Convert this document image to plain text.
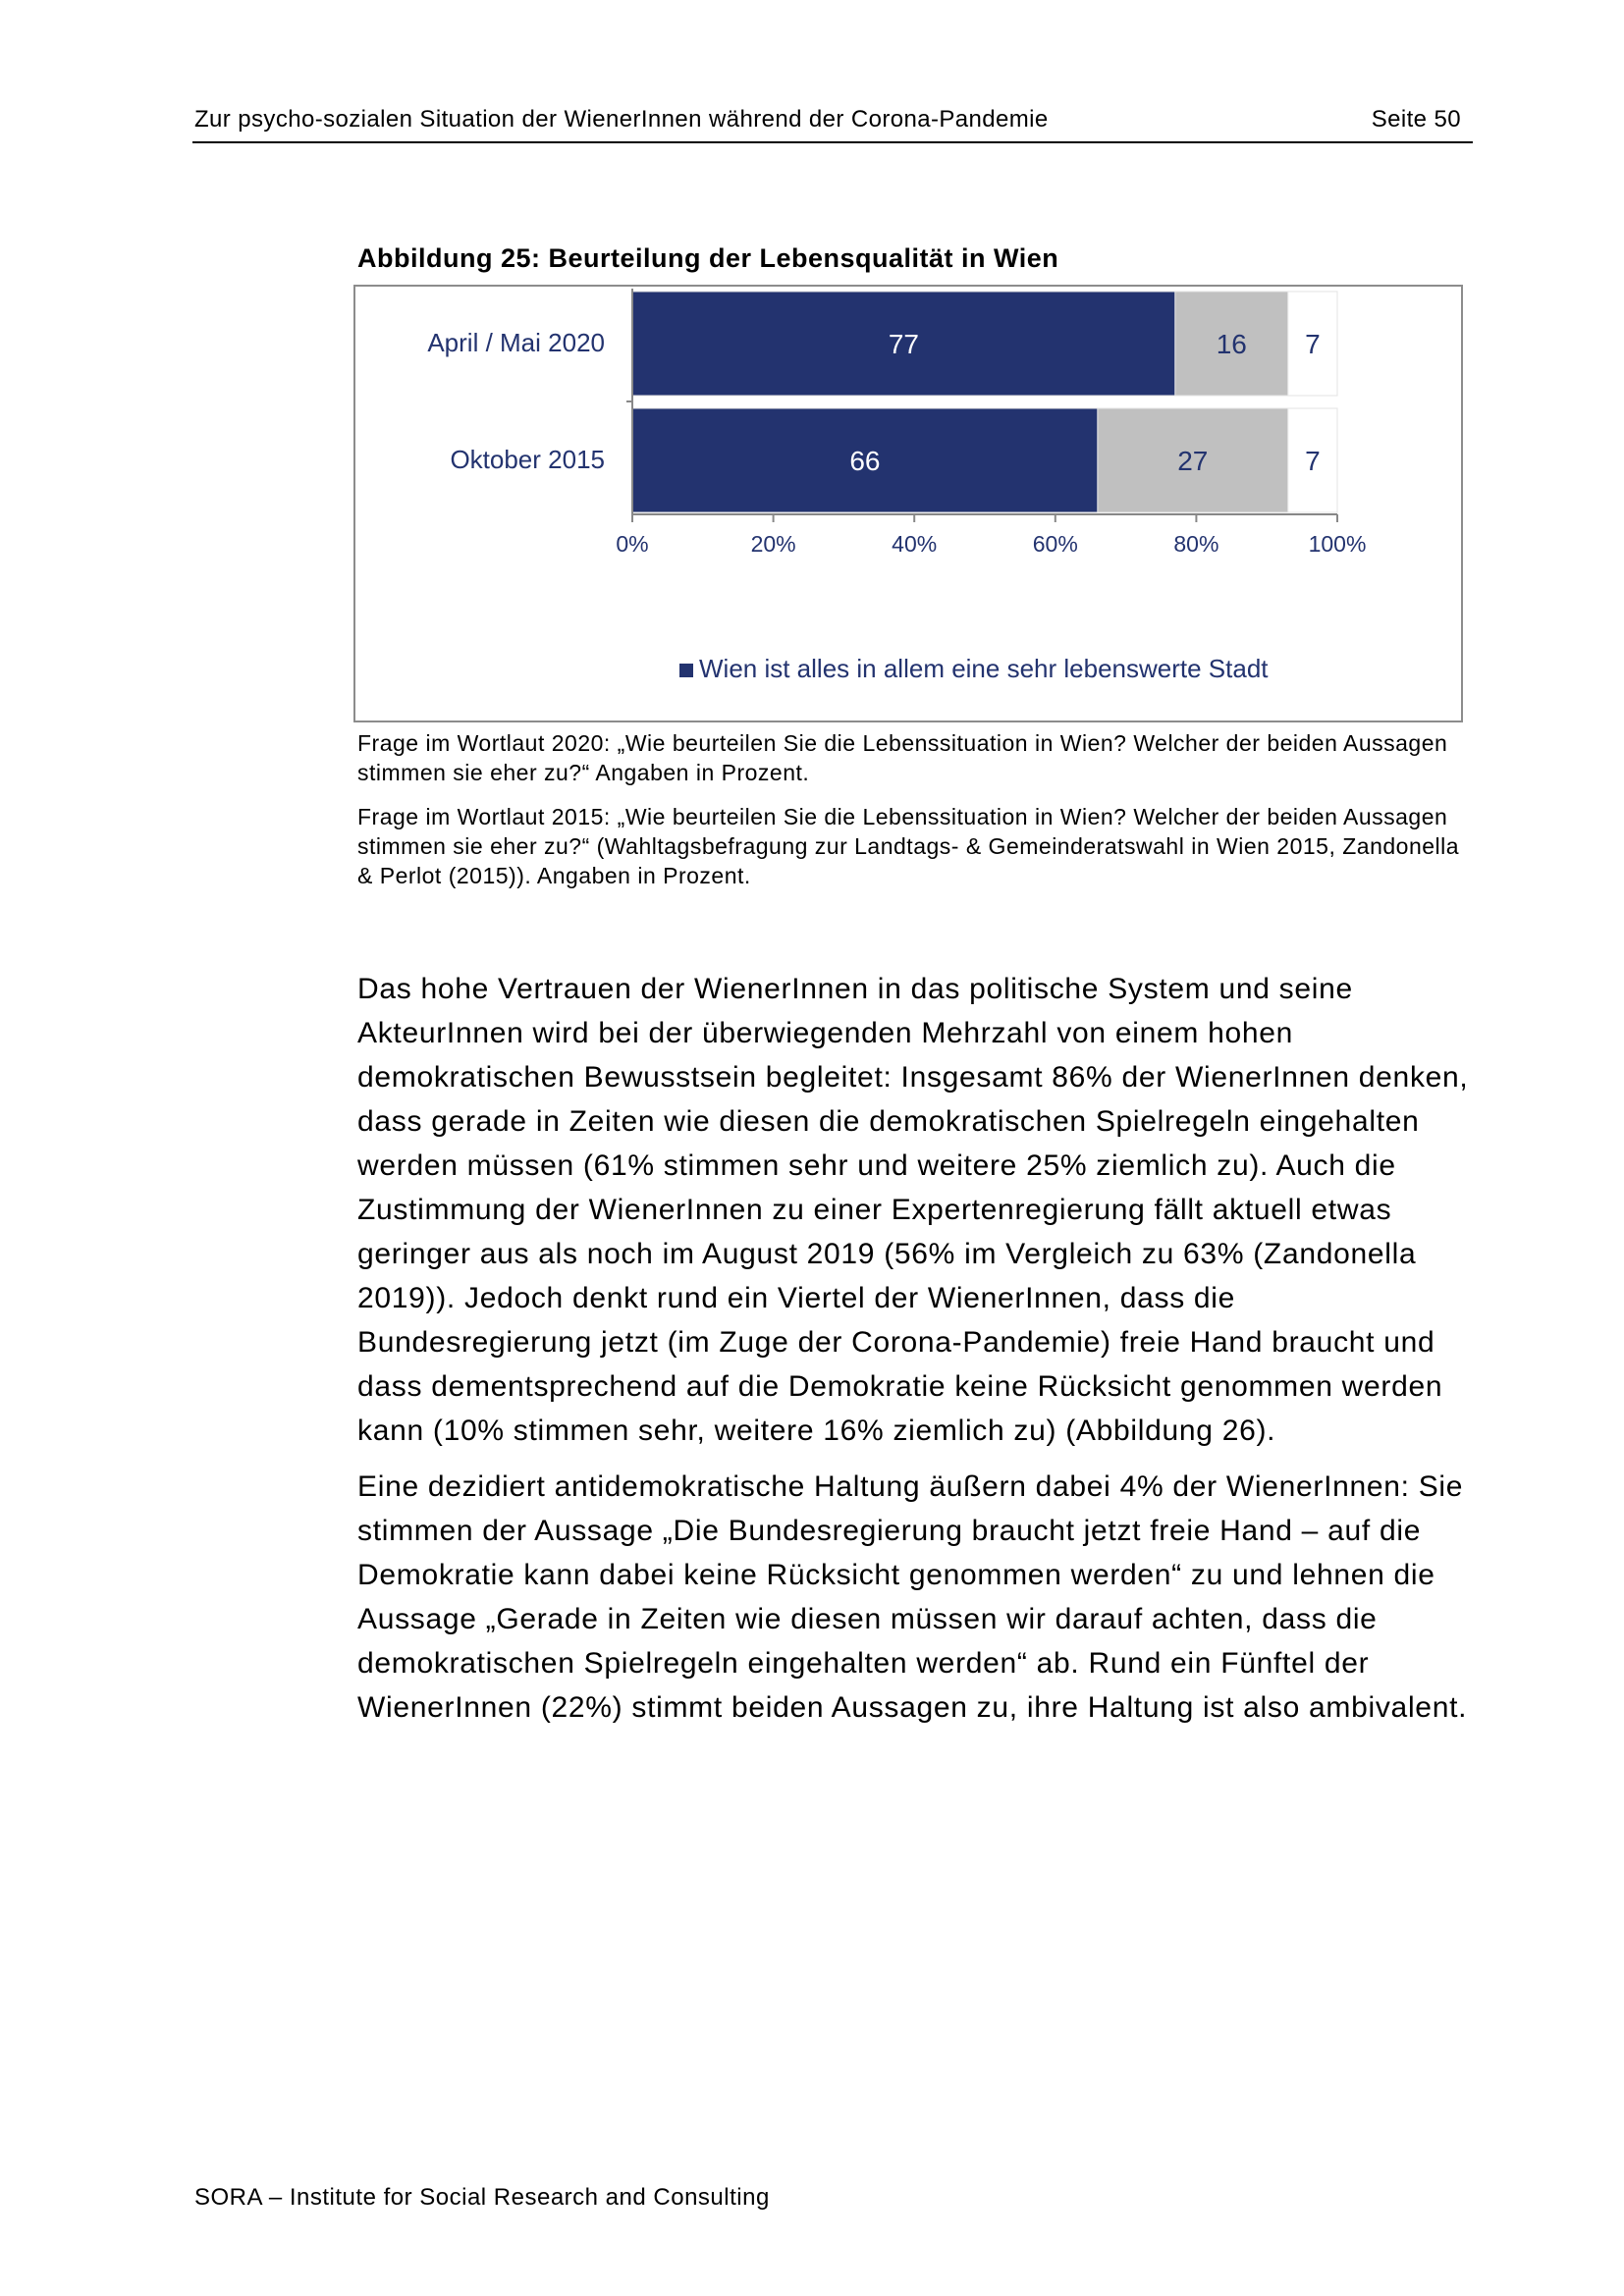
Zur psycho-sozialen Situation der WienerInnen während der Corona-Pandemie	Seite 50
Abbildung 25: Beurteilung der Lebensqualität in Wien
77	16 7
April / Mai 2020
66	27	7
Oktober 2015
0%	20%	40%	60%	80%	100%
Wien ist alles in allem eine sehr lebenswerte Stadt
Frage im Wortlaut 2020: „Wie beurteilen Sie die Lebenssituation in Wien? Welcher der beiden Aussagen stimmen sie eher zu?“ Angaben in Prozent.
Frage im Wortlaut 2015: „Wie beurteilen Sie die Lebenssituation in Wien? Welcher der beiden Aussagen stimmen sie eher zu?“ (Wahltagsbefragung zur Landtags- & Gemeinderatswahl in Wien 2015, Zandonella & Perlot (2015)). Angaben in Prozent.

Das hohe Vertrauen der WienerInnen in das politische System und seine AkteurInnen wird bei der überwiegenden Mehrzahl von einem hohen demokratischen Bewusstsein begleitet: Insgesamt 86% der WienerInnen denken, dass gerade in Zeiten wie diesen die demokratischen Spielregeln eingehalten werden müssen (61% stimmen sehr und weitere 25% ziemlich zu). Auch die Zustimmung der WienerInnen zu einer Expertenregierung fällt aktuell etwas geringer aus als noch im August 2019 (56% im Vergleich zu 63% (Zandonella 2019)). Jedoch denkt rund ein Viertel der WienerInnen, dass die Bundesregierung jetzt (im Zuge der Corona-Pandemie) freie Hand braucht und dass dementsprechend auf die Demokratie keine Rücksicht genommen werden kann (10% stimmen sehr, weitere 16% ziemlich zu) (Abbildung 26).

Eine dezidiert antidemokratische Haltung äußern dabei 4% der WienerInnen: Sie stimmen der Aussage „Die Bundesregierung braucht jetzt freie Hand – auf die Demokratie kann dabei keine Rücksicht genommen werden“ zu und lehnen die Aussage „Gerade in Zeiten wie diesen müssen wir darauf achten, dass die demokratischen Spielregeln eingehalten werden“ ab. Rund ein Fünftel der WienerInnen (22%) stimmt beiden Aussagen zu, ihre Haltung ist also ambivalent.

SORA – Institute for Social Research and Consulting
